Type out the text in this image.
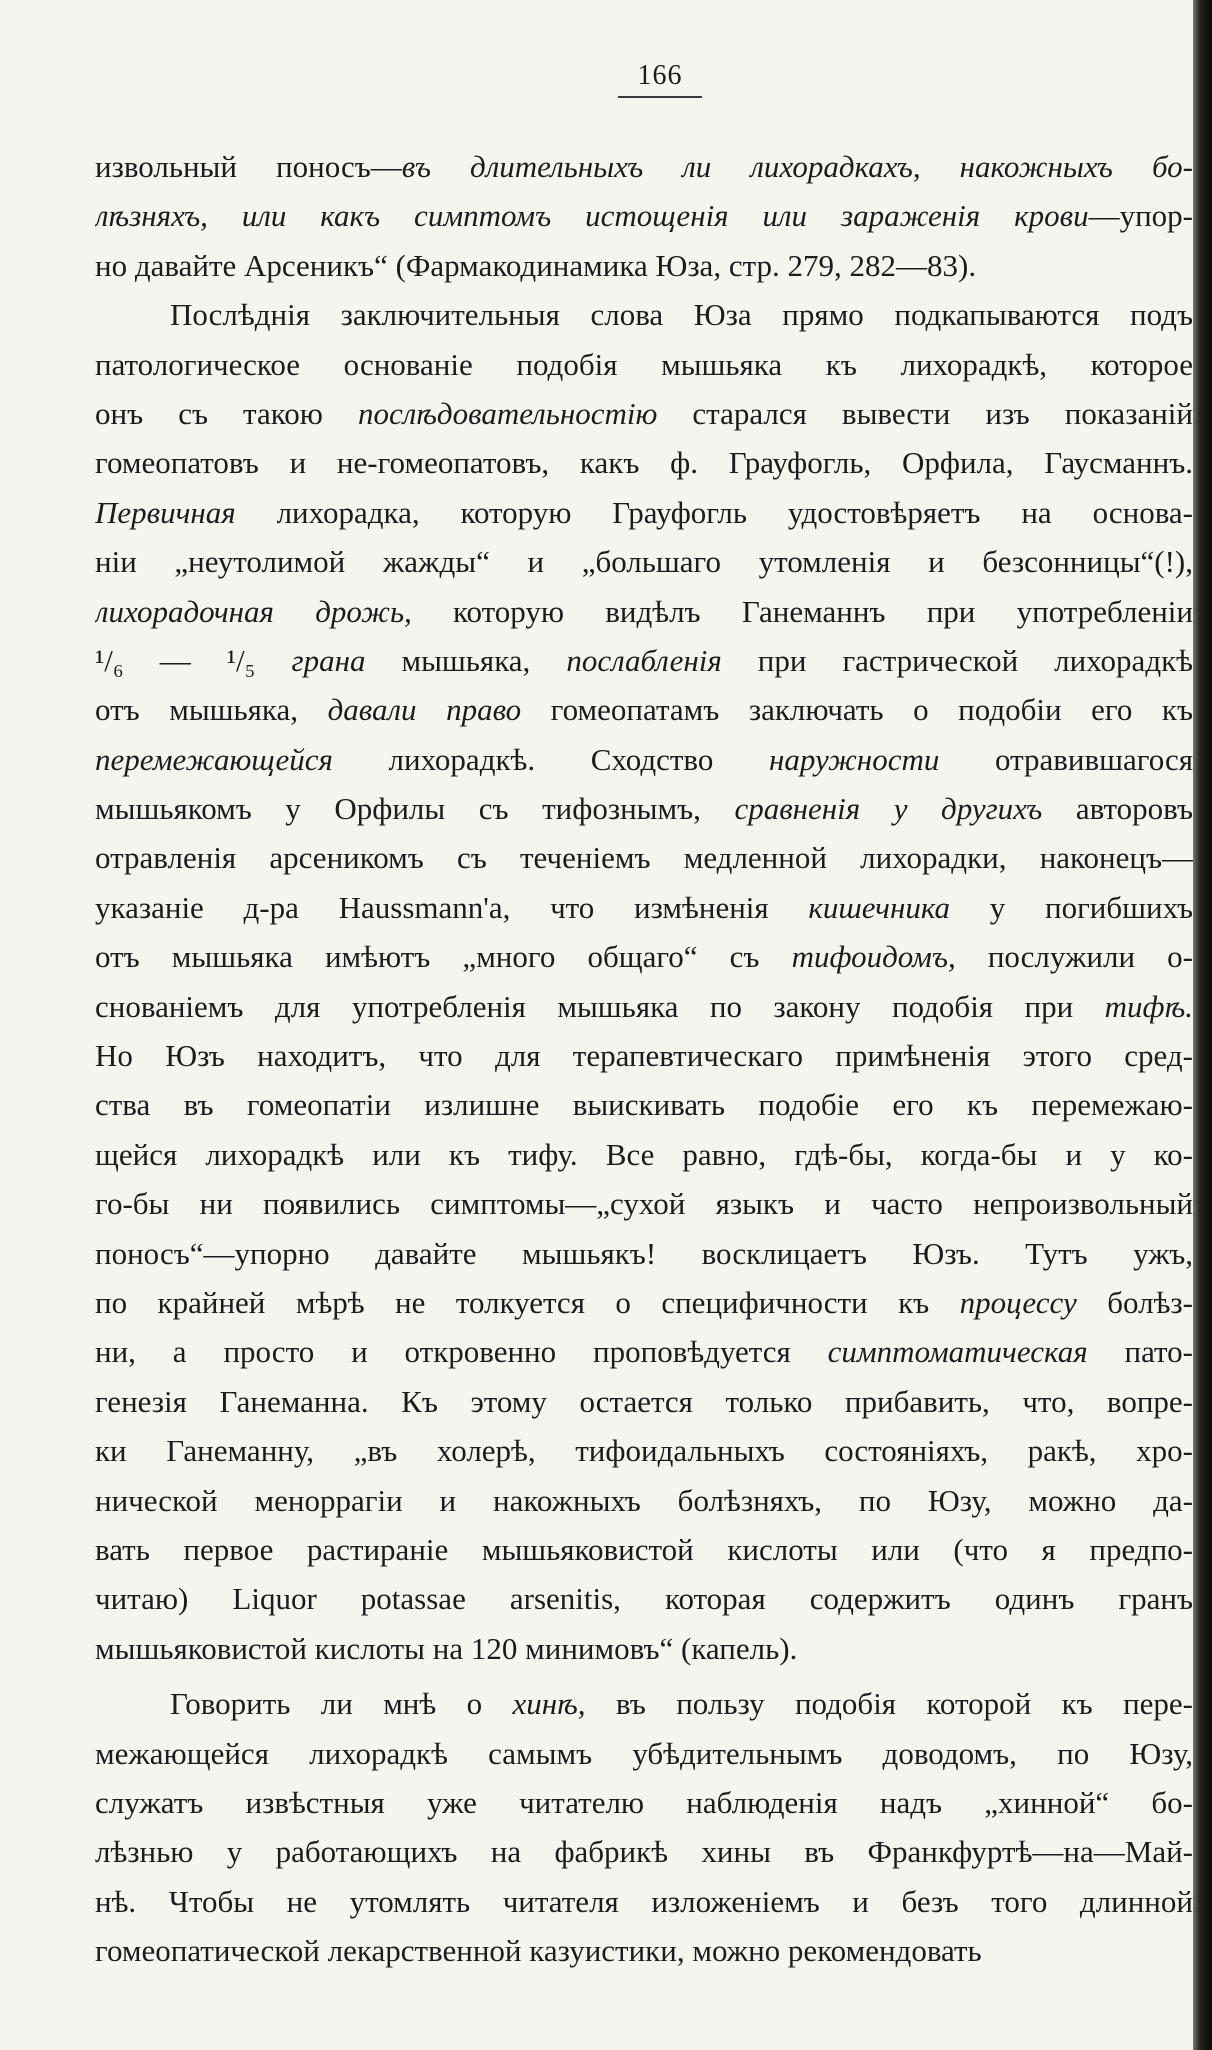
166
извольный поносъ—въ длительныхъ ли лихорадкахъ, накожныхъ бо-
лѣзняхъ, или какъ симптомъ истощенія или зараженія крови—упор-
но давайте Арсеникъ“ (Фармакодинамика Юза, стр. 279, 282—83).
Послѣднія заключительныя слова Юза прямо подкапываются подъ
патологическое основаніе подобія мышьяка къ лихорадкѣ, которое
онъ съ такою послѣдовательностію старался вывести изъ показаній
гомеопатовъ и не-гомеопатовъ, какъ ф. Грауфогль, Орфила, Гаусманнъ.
Первичная лихорадка, которую Грауфогль удостовѣряетъ на основа-
ніи „неутолимой жажды“ и „большаго утомленія и безсонницы“(!),
лихорадочная дрожь, которую видѣлъ Ганеманнъ при употребленіи
¹/₆ — ¹/₅ грана мышьяка, послабленія при гастрической лихорадкѣ
отъ мышьяка, давали право гомеопатамъ заключать о подобіи его къ
перемежающейся лихорадкѣ. Сходство наружности отравившагося
мышьякомъ у Орфилы съ тифознымъ, сравненія у другихъ авторовъ
отравленія арсеникомъ съ теченіемъ медленной лихорадки, наконецъ—
указаніе д-ра Haussmann'а, что измѣненія кишечника у погибшихъ
отъ мышьяка имѣютъ „много общаго“ съ тифоидомъ, послужили о-
снованіемъ для употребленія мышьяка по закону подобія при тифѣ.
Но Юзъ находитъ, что для терапевтическаго примѣненія этого сред-
ства въ гомеопатіи излишне выискивать подобіе его къ перемежаю-
щейся лихорадкѣ или къ тифу. Все равно, гдѣ-бы, когда-бы и у ко-
го-бы ни появились симптомы—„сухой языкъ и часто непроизвольный
поносъ“—упорно давайте мышьякъ! восклицаетъ Юзъ. Тутъ ужъ,
по крайней мѣрѣ не толкуется о специфичности къ процессу болѣз-
ни, а просто и откровенно проповѣдуется симптоматическая пато-
генезія Ганеманна. Къ этому остается только прибавить, что, вопре-
ки Ганеманну, „въ холерѣ, тифоидальныхъ состояніяхъ, ракѣ, хро-
нической меноррагіи и накожныхъ болѣзняхъ, по Юзу, можно да-
вать первое растираніе мышьяковистой кислоты или (что я предпо-
читаю) Liquor potassae arsenitis, которая содержитъ одинъ гранъ
мышьяковистой кислоты на 120 минимовъ“ (капель).
Говорить ли мнѣ о хинѣ, въ пользу подобія которой къ пере-
межающейся лихорадкѣ самымъ убѣдительнымъ доводомъ, по Юзу,
служатъ извѣстныя уже читателю наблюденія надъ „хинной“ бо-
лѣзнью у работающихъ на фабрикѣ хины въ Франкфуртѣ—на—Май-
нѣ. Чтобы не утомлять читателя изложеніемъ и безъ того длинной
гомеопатической лекарственной казуистики, можно рекомендовать
